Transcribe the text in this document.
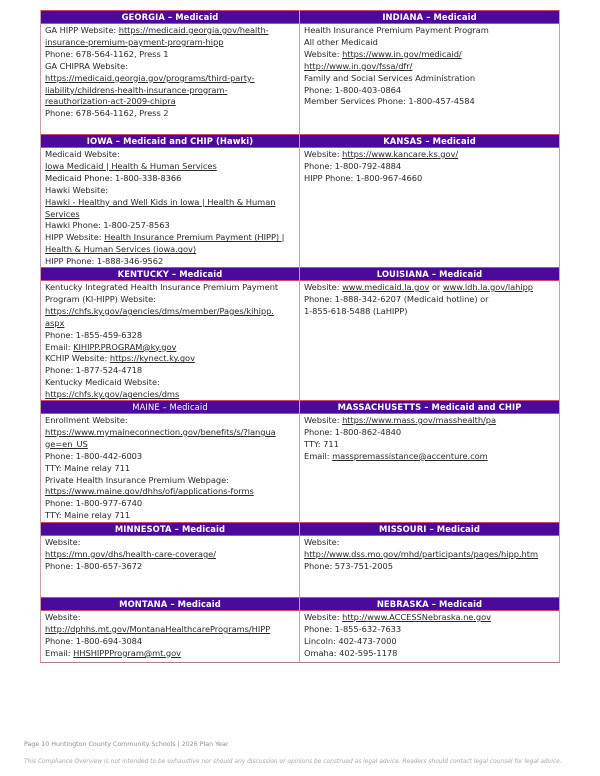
GEORGIA – Medicaid
GA HIPP Website: https://medicaid.georgia.gov/health-
insurance-premium-payment-program-hipp
Phone: 678-564-1162, Press 1
GA CHIPRA Website:
https://medicaid.georgia.gov/programs/third-party-
liability/childrens-health-insurance-program-
reauthorization-act-2009-chipra
Phone: 678-564-1162, Press 2
INDIANA – Medicaid
Health Insurance Premium Payment Program
All other Medicaid
Website: https://www.in.gov/medicaid/
http://www.in.gov/fssa/dfr/
Family and Social Services Administration
Phone: 1-800-403-0864
Member Services Phone: 1-800-457-4584
IOWA – Medicaid and CHIP (Hawki)
Medicaid Website:
Iowa Medicaid | Health & Human Services
Medicaid Phone: 1-800-338-8366
Hawki Website:
Hawki - Healthy and Well Kids in Iowa | Health & Human
Services
Hawki Phone: 1-800-257-8563
HIPP Website: Health Insurance Premium Payment (HIPP) |
Health & Human Services (iowa.gov)
HIPP Phone: 1-888-346-9562
KANSAS – Medicaid
Website: https://www.kancare.ks.gov/
Phone: 1-800-792-4884
HIPP Phone: 1-800-967-4660
KENTUCKY – Medicaid
Kentucky Integrated Health Insurance Premium Payment
Program (KI-HIPP) Website:
https://chfs.ky.gov/agencies/dms/member/Pages/kihipp.
aspx
Phone: 1-855-459-6328
Email: KIHIPP.PROGRAM@ky.gov
KCHIP Website: https://kynect.ky.gov
Phone: 1-877-524-4718
Kentucky Medicaid Website:
https://chfs.ky.gov/agencies/dms
LOUISIANA – Medicaid
Website: www.medicaid.la.gov or www.ldh.la.gov/lahipp
Phone: 1-888-342-6207 (Medicaid hotline) or
1-855-618-5488 (LaHIPP)
MAINE – Medicaid
Enrollment Website:
https://www.mymaineconnection.gov/benefits/s/?langua
ge=en_US
Phone: 1-800-442-6003
TTY: Maine relay 711
Private Health Insurance Premium Webpage:
https://www.maine.gov/dhhs/ofi/applications-forms
Phone: 1-800-977-6740
TTY: Maine relay 711
MASSACHUSETTS – Medicaid and CHIP
Website: https://www.mass.gov/masshealth/pa
Phone: 1-800-862-4840
TTY: 711
Email: masspremassistance@accenture.com
MINNESOTA – Medicaid
Website:
https://mn.gov/dhs/health-care-coverage/
Phone: 1-800-657-3672
MISSOURI – Medicaid
Website:
http://www.dss.mo.gov/mhd/participants/pages/hipp.htm
Phone: 573-751-2005
MONTANA – Medicaid
Website:
http://dphhs.mt.gov/MontanaHealthcarePrograms/HIPP
Phone: 1-800-694-3084
Email: HHSHIPPProgram@mt.gov
NEBRASKA – Medicaid
Website: http://www.ACCESSNebraska.ne.gov
Phone: 1-855-632-7633
Lincoln: 402-473-7000
Omaha: 402-595-1178
Page 10 Huntington County Community Schools | 2026 Plan Year
This Compliance Overview is not intended to be exhaustive nor should any discussion or opinions be construed as legal advice. Readers should contact legal counsel for legal advice.
